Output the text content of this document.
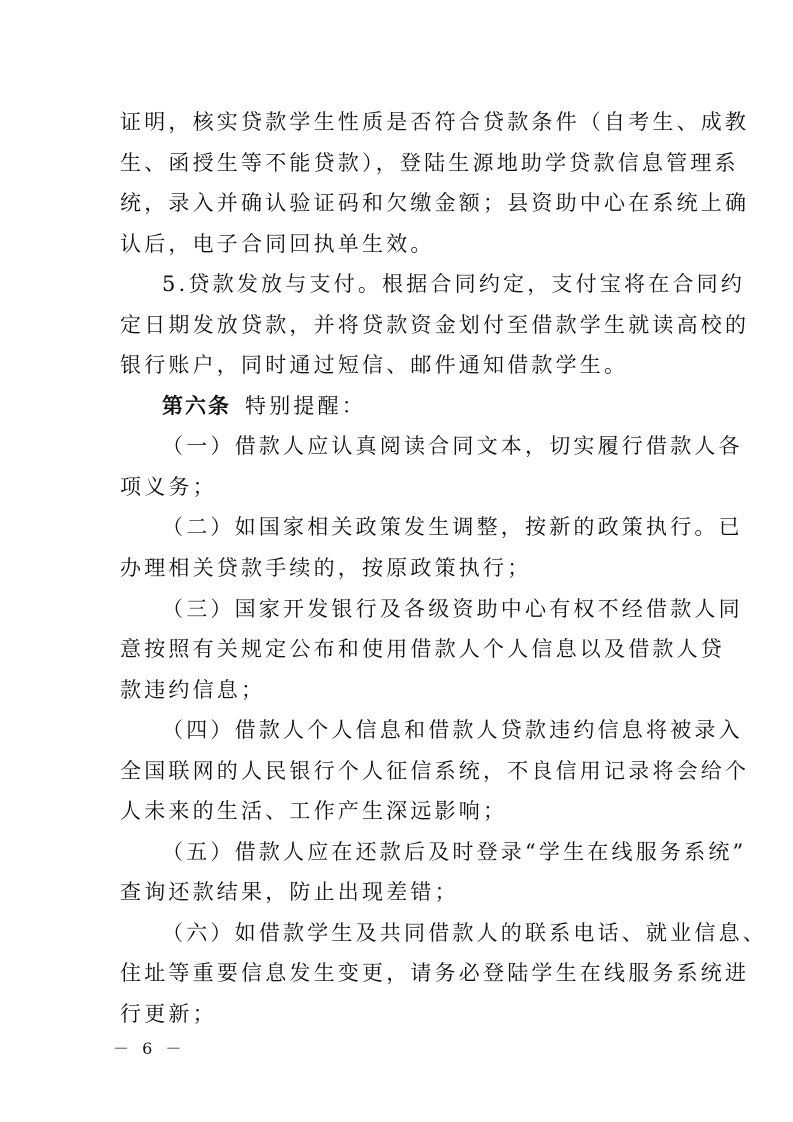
证明，核实贷款学生性质是否符合贷款条件（自考生、成教
生、函授生等不能贷款），登陆生源地助学贷款信息管理系
统，录入并确认验证码和欠缴金额；县资助中心在系统上确
认后，电子合同回执单生效。
5.贷款发放与支付。根据合同约定，支付宝将在合同约
定日期发放贷款，并将贷款资金划付至借款学生就读高校的
银行账户，同时通过短信、邮件通知借款学生。
第六条 特别提醒：
（一）借款人应认真阅读合同文本，切实履行借款人各
项义务；
（二）如国家相关政策发生调整，按新的政策执行。已
办理相关贷款手续的，按原政策执行；
（三）国家开发银行及各级资助中心有权不经借款人同
意按照有关规定公布和使用借款人个人信息以及借款人贷
款违约信息；
（四）借款人个人信息和借款人贷款违约信息将被录入
全国联网的人民银行个人征信系统，不良信用记录将会给个
人未来的生活、工作产生深远影响；
（五）借款人应在还款后及时登录“学生在线服务系统”
查询还款结果，防止出现差错；
（六）如借款学生及共同借款人的联系电话、就业信息、
住址等重要信息发生变更，请务必登陆学生在线服务系统进
行更新；
－ 6 －
